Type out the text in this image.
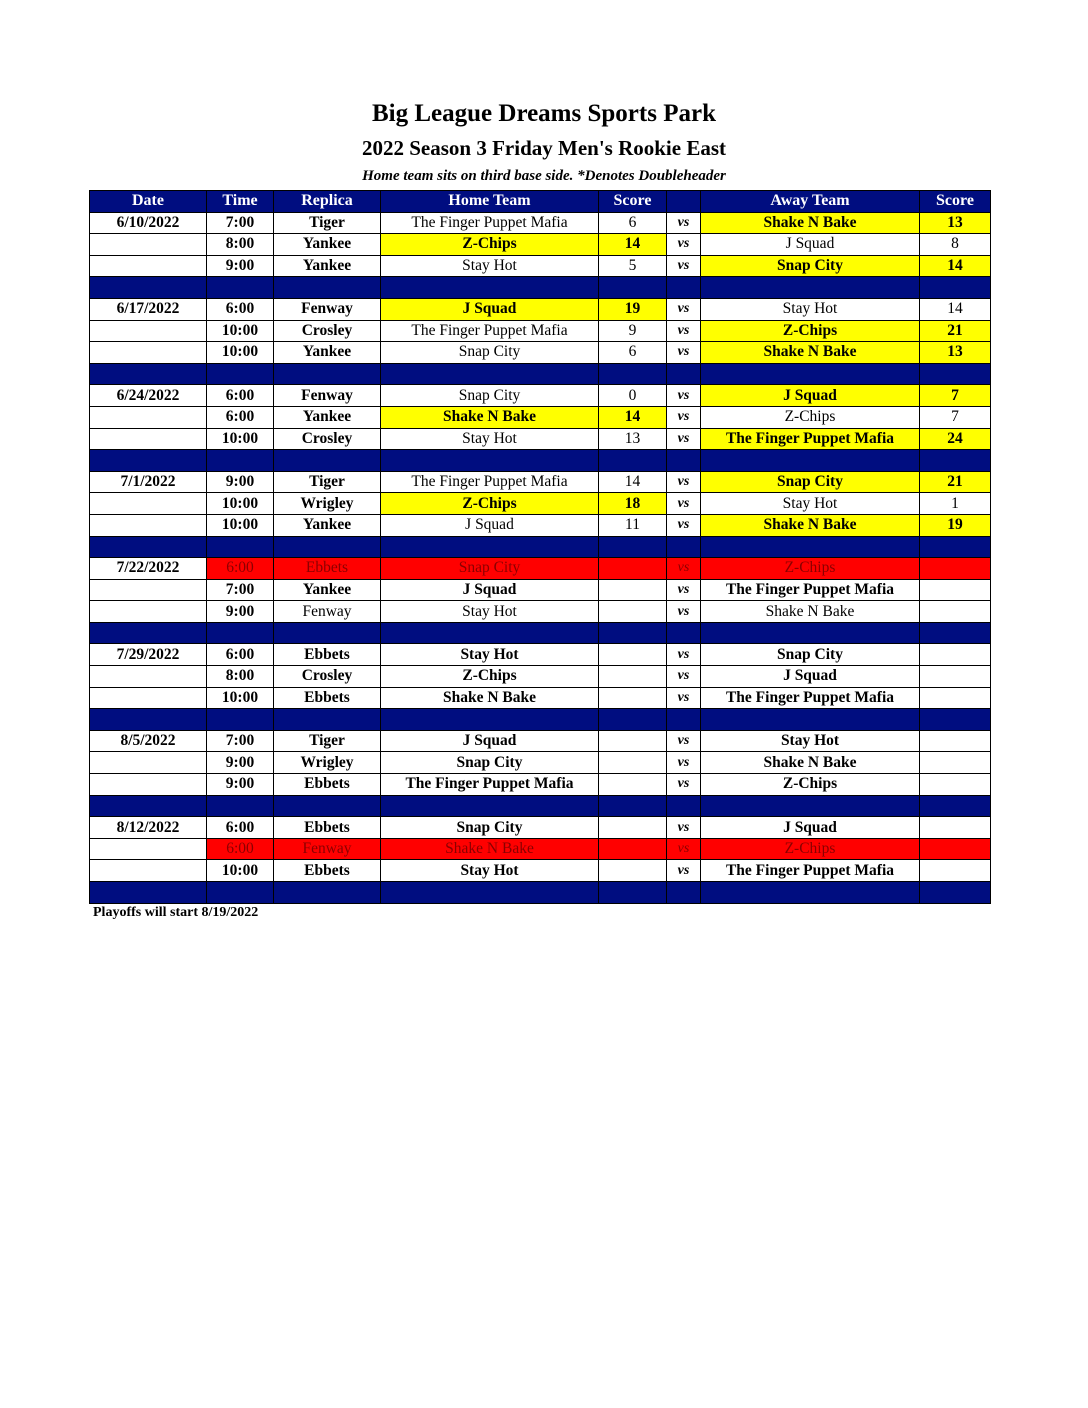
Big League Dreams Sports Park
2022 Season 3 Friday Men's Rookie East
Home team sits on third base side. *Denotes Doubleheader
Date	Time	Replica	Home Team	Score		Away Team	Score
6/10/2022	7:00	Tiger	The Finger Puppet Mafia	6	vs	Shake N Bake	13
	8:00	Yankee	Z-Chips	14	vs	J Squad	8
	9:00	Yankee	Stay Hot	5	vs	Snap City	14

6/17/2022	6:00	Fenway	J Squad	19	vs	Stay Hot	14
	10:00	Crosley	The Finger Puppet Mafia	9	vs	Z-Chips	21
	10:00	Yankee	Snap City	6	vs	Shake N Bake	13

6/24/2022	6:00	Fenway	Snap City	0	vs	J Squad	7
	6:00	Yankee	Shake N Bake	14	vs	Z-Chips	7
	10:00	Crosley	Stay Hot	13	vs	The Finger Puppet Mafia	24

7/1/2022	9:00	Tiger	The Finger Puppet Mafia	14	vs	Snap City	21
	10:00	Wrigley	Z-Chips	18	vs	Stay Hot	1
	10:00	Yankee	J Squad	11	vs	Shake N Bake	19

7/22/2022	6:00	Ebbets	Snap City		vs	Z-Chips	
	7:00	Yankee	J Squad		vs	The Finger Puppet Mafia	
	9:00	Fenway	Stay Hot		vs	Shake N Bake	

7/29/2022	6:00	Ebbets	Stay Hot		vs	Snap City	
	8:00	Crosley	Z-Chips		vs	J Squad	
	10:00	Ebbets	Shake N Bake		vs	The Finger Puppet Mafia	

8/5/2022	7:00	Tiger	J Squad		vs	Stay Hot	
	9:00	Wrigley	Snap City		vs	Shake N Bake	
	9:00	Ebbets	The Finger Puppet Mafia		vs	Z-Chips	

8/12/2022	6:00	Ebbets	Snap City		vs	J Squad	
	6:00	Fenway	Shake N Bake		vs	Z-Chips	
	10:00	Ebbets	Stay Hot		vs	The Finger Puppet Mafia	

Playoffs will start 8/19/2022
